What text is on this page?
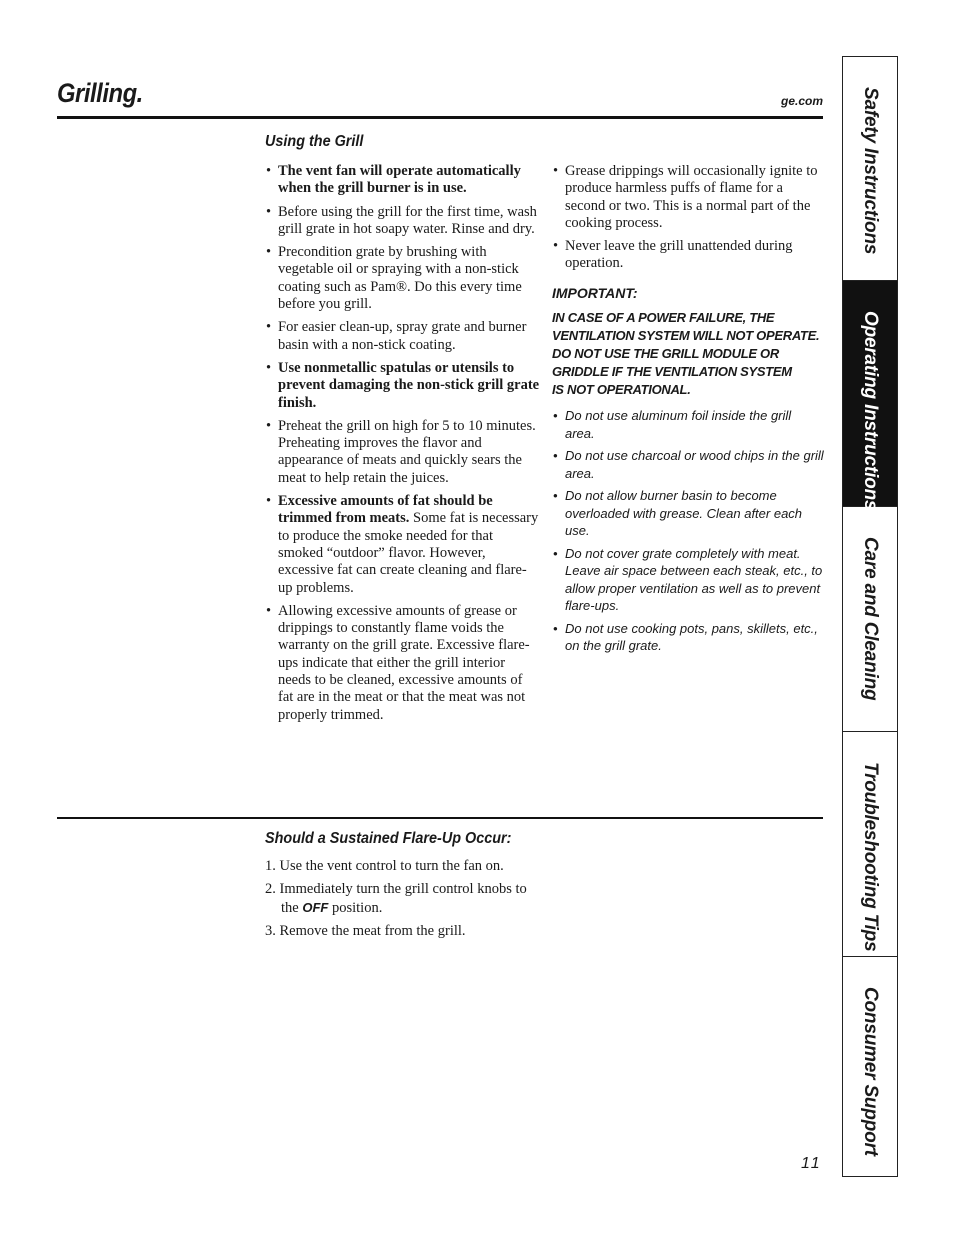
Grilling.	ge.com
Using the Grill
• The vent fan will operate automatically when the grill burner is in use.
• Before using the grill for the first time, wash grill grate in hot soapy water. Rinse and dry.
• Precondition grate by brushing with vegetable oil or spraying with a non-stick coating such as Pam®. Do this every time before you grill.
• For easier clean-up, spray grate and burner basin with a non-stick coating.
• Use nonmetallic spatulas or utensils to prevent damaging the non-stick grill grate finish.
• Preheat the grill on high for 5 to 10 minutes. Preheating improves the flavor and appearance of meats and quickly sears the meat to help retain the juices.
• Excessive amounts of fat should be trimmed from meats. Some fat is necessary to produce the smoke needed for that smoked “outdoor” flavor. However, excessive fat can create cleaning and flare-up problems.
• Allowing excessive amounts of grease or drippings to constantly flame voids the warranty on the grill grate. Excessive flare-ups indicate that either the grill interior needs to be cleaned, excessive amounts of fat are in the meat or that the meat was not properly trimmed.
• Grease drippings will occasionally ignite to produce harmless puffs of flame for a second or two. This is a normal part of the cooking process.
• Never leave the grill unattended during operation.
IMPORTANT:
IN CASE OF A POWER FAILURE, THE
VENTILATION SYSTEM WILL NOT OPERATE.
DO NOT USE THE GRILL MODULE OR
GRIDDLE IF THE VENTILATION SYSTEM
IS NOT OPERATIONAL.
• Do not use aluminum foil inside the grill area.
• Do not use charcoal or wood chips in the grill area.
• Do not allow burner basin to become overloaded with grease. Clean after each use.
• Do not cover grate completely with meat. Leave air space between each steak, etc., to allow proper ventilation as well as to prevent flare-ups.
• Do not use cooking pots, pans, skillets, etc., on the grill grate.
Should a Sustained Flare-Up Occur:
1. Use the vent control to turn the fan on.
2. Immediately turn the grill control knobs to the OFF position.
3. Remove the meat from the grill.
Safety Instructions
Operating Instructions
Care and Cleaning
Troubleshooting Tips
Consumer Support
11
